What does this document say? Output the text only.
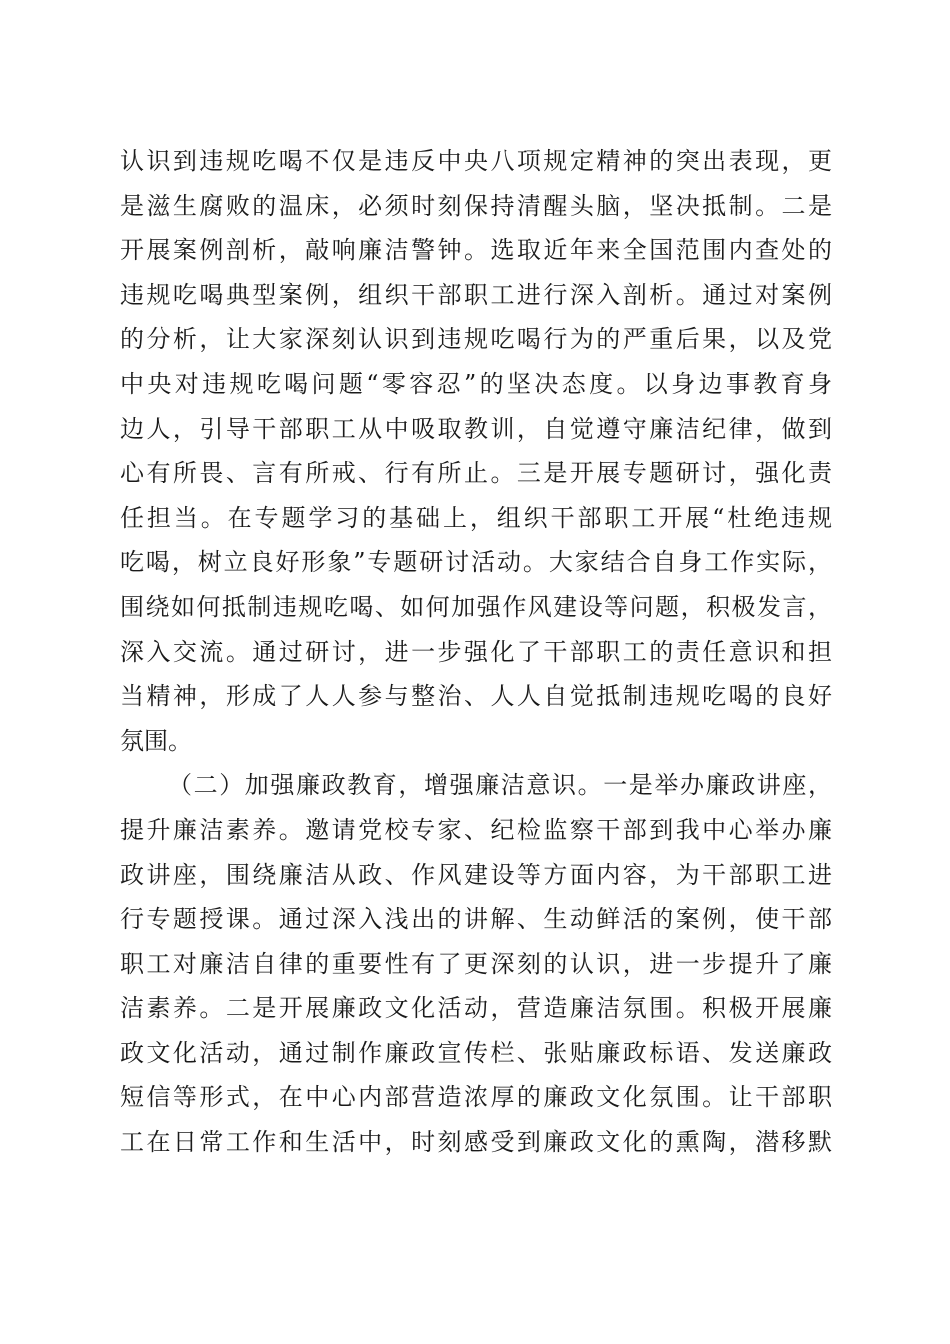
认识到违规吃喝不仅是违反中央八项规定精神的突出表现，更
是滋生腐败的温床，必须时刻保持清醒头脑，坚决抵制。二是
开展案例剖析，敲响廉洁警钟。选取近年来全国范围内查处的
违规吃喝典型案例，组织干部职工进行深入剖析。通过对案例
的分析，让大家深刻认识到违规吃喝行为的严重后果，以及党
中央对违规吃喝问题“零容忍”的坚决态度。以身边事教育身
边人，引导干部职工从中吸取教训，自觉遵守廉洁纪律，做到
心有所畏、言有所戒、行有所止。三是开展专题研讨，强化责
任担当。在专题学习的基础上，组织干部职工开展“杜绝违规
吃喝，树立良好形象”专题研讨活动。大家结合自身工作实际，
围绕如何抵制违规吃喝、如何加强作风建设等问题，积极发言，
深入交流。通过研讨，进一步强化了干部职工的责任意识和担
当精神，形成了人人参与整治、人人自觉抵制违规吃喝的良好
氛围。
（二）加强廉政教育，增强廉洁意识。一是举办廉政讲座，
提升廉洁素养。邀请党校专家、纪检监察干部到我中心举办廉
政讲座，围绕廉洁从政、作风建设等方面内容，为干部职工进
行专题授课。通过深入浅出的讲解、生动鲜活的案例，使干部
职工对廉洁自律的重要性有了更深刻的认识，进一步提升了廉
洁素养。二是开展廉政文化活动，营造廉洁氛围。积极开展廉
政文化活动，通过制作廉政宣传栏、张贴廉政标语、发送廉政
短信等形式，在中心内部营造浓厚的廉政文化氛围。让干部职
工在日常工作和生活中，时刻感受到廉政文化的熏陶，潜移默
